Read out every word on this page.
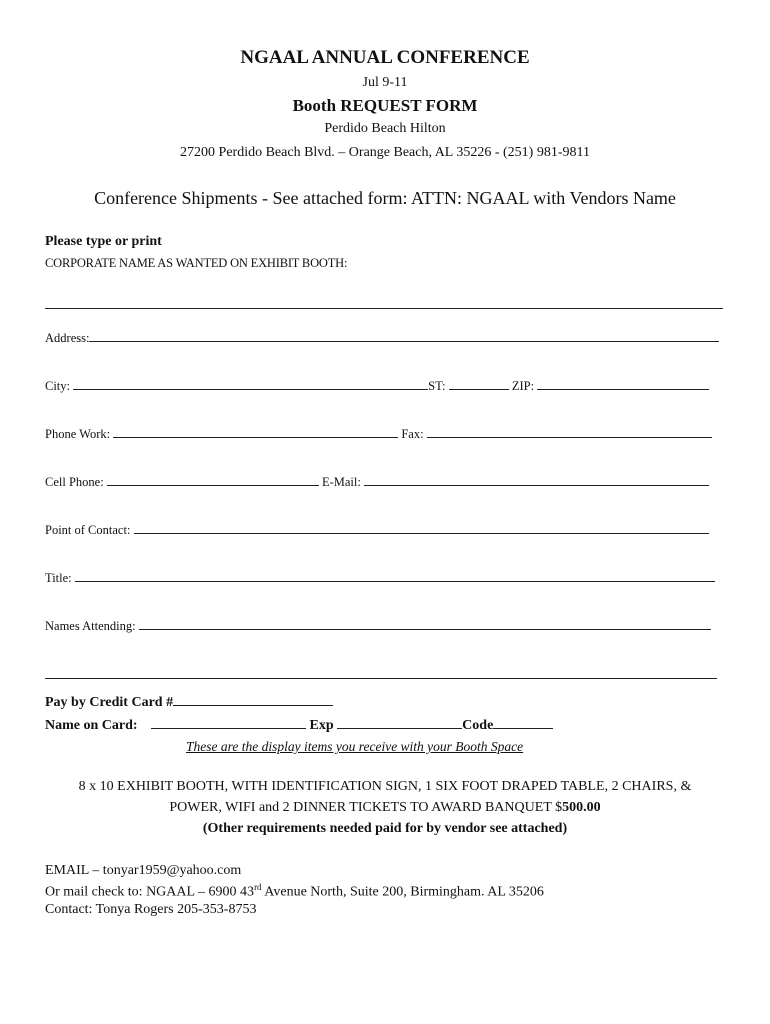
NGAAL ANNUAL CONFERENCE
Jul 9-11
Booth REQUEST FORM
Perdido Beach Hilton
27200 Perdido Beach Blvd. – Orange Beach, AL 35226 - (251) 981-9811
Conference Shipments - See attached form: ATTN: NGAAL with Vendors Name
Please type or print
CORPORATE NAME AS WANTED ON EXHIBIT BOOTH:
Address:
City:	ST:	ZIP:
Phone Work:	Fax:
Cell Phone:	E-Mail:
Point of Contact:
Title:
Names Attending:
Pay by Credit Card #
Name on Card:	Exp	Code
These are the display items you receive with your Booth Space
8 x 10 EXHIBIT BOOTH, WITH IDENTIFICATION SIGN, 1 SIX FOOT DRAPED TABLE, 2 CHAIRS, &
POWER, WIFI and 2 DINNER TICKETS TO AWARD BANQUET $500.00
(Other requirements needed paid for by vendor see attached)
EMAIL – tonyar1959@yahoo.com
Or mail check to: NGAAL – 6900 43rd Avenue North, Suite 200, Birmingham. AL 35206
Contact: Tonya Rogers 205-353-8753
